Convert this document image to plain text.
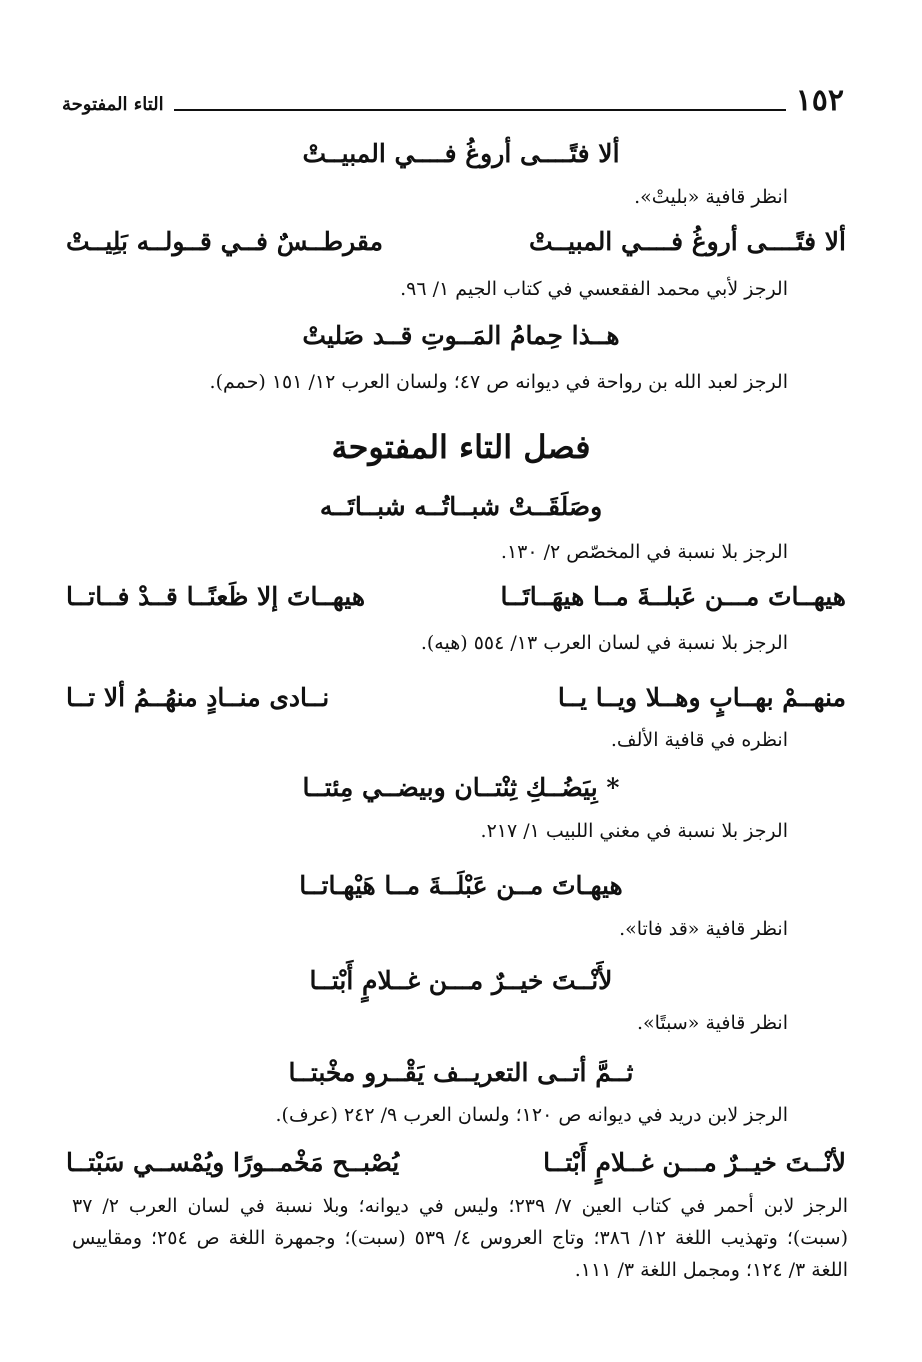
١٥٢
التاء المفتوحة
ألا فتًــــى أروغُ فــــي المبيــتْ
انظر قافية «بليتْ».
ألا فتًــــى أروغُ فــــي المبيــتْ
مقرطــسٌ فــي قــولــه بَلِيــتْ
الرجز لأبي محمد الفقعسي في كتاب الجيم ١/ ٩٦.
هــذا حِمامُ المَــوتِ قــد صَليتْ
الرجز لعبد الله بن رواحة في ديوانه ص ٤٧؛ ولسان العرب ١٢/ ١٥١ (حمم).
فصل التاء المفتوحة
وصَلَقَــتْ شبــاتُــه شبــاتَــه
الرجز بلا نسبة في المخصّص ٢/ ١٣٠.
هيهــاتَ مـــن عَبلــةَ مــا هيهَــاتَــا
هيهــاتَ إلا ظَعنًــا قــدْ فــاتــا
الرجز بلا نسبة في لسان العرب ١٣/ ٥٥٤ (هيه).
منهــمْ بهــابٍ وهــلا ويــا يــا
نــادى منــادٍ منهُــمُ ألا تــا
انظره في قافية الألف.
* بِيَضُــكِ ثِنْتــان وبيضــي مِئتــا
الرجز بلا نسبة في مغني اللبيب ١/ ٢١٧.
هيهـاتَ مــن عَبْلَــةَ مــا هَيْهـاتــا
انظر قافية «قد فاتا».
لأَنْــتَ خيــرٌ مـــن غــلامٍ أَبْتــا
انظر قافية «سبتًا».
ثــمَّ أتــى التعريــف يَقْــرو مخْبتــا
الرجز لابن دريد في ديوانه ص ١٢٠؛ ولسان العرب ٩/ ٢٤٢ (عرف).
لأنْــتَ خيــرٌ مـــن غــلامٍ أَبْتــا
يُصْبــح مَخْمــورًا ويُمْســي سَبْتــا
الرجز لابن أحمر في كتاب العين ٧/ ٢٣٩؛ وليس في ديوانه؛ وبلا نسبة في لسان العرب ٢/ ٣٧ (سبت)؛ وتهذيب اللغة ١٢/ ٣٨٦؛ وتاج العروس ٤/ ٥٣٩ (سبت)؛ وجمهرة اللغة ص ٢٥٤؛ ومقاييس اللغة ٣/ ١٢٤؛ ومجمل اللغة ٣/ ١١١.
